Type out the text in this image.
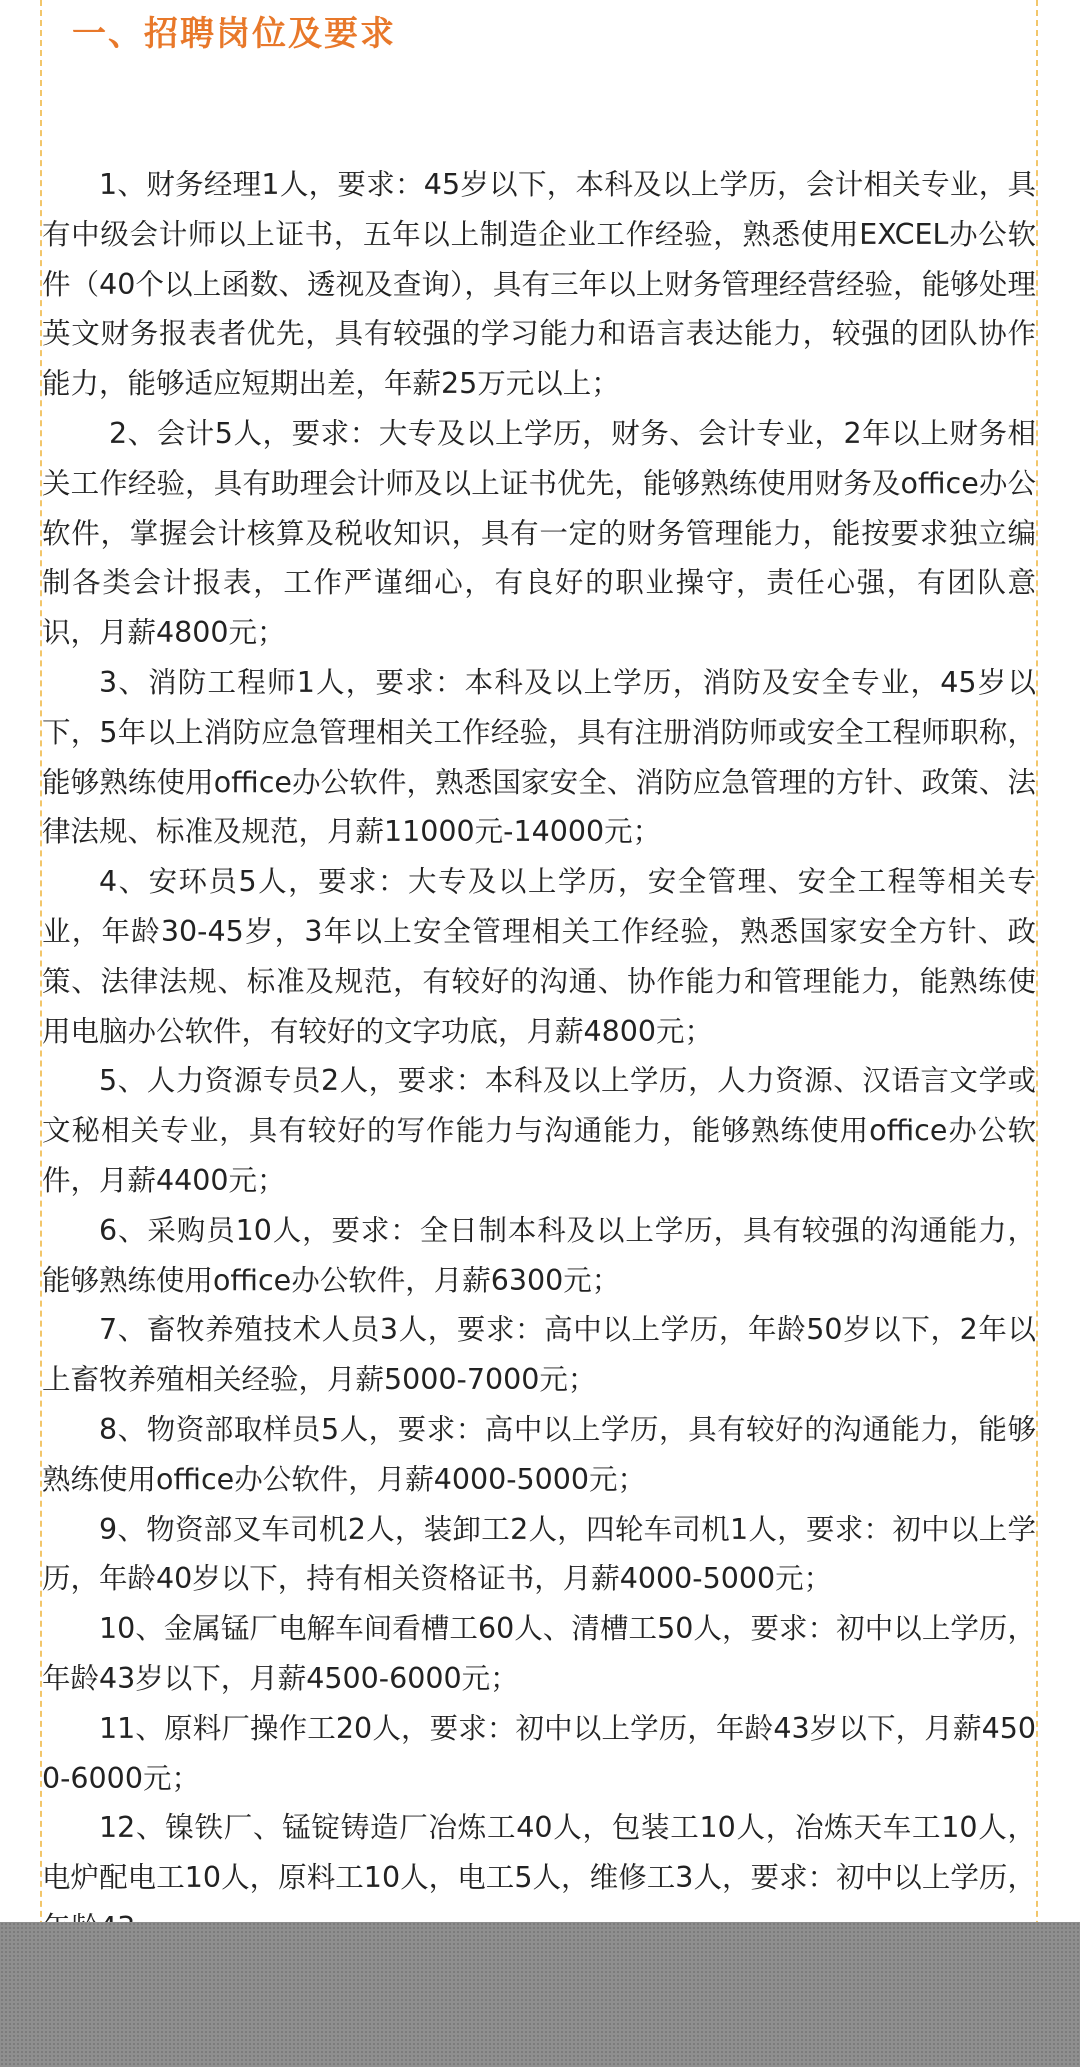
一、招聘岗位及要求

1、财务经理1人，要求：45岁以下，本科及以上学历，会计相关专业，具有中级会计师以上证书，五年以上制造企业工作经验，熟悉使用EXCEL办公软件（40个以上函数、透视及查询），具有三年以上财务管理经营经验，能够处理英文财务报表者优先，具有较强的学习能力和语言表达能力，较强的团队协作能力，能够适应短期出差，年薪25万元以上；

2、会计5人，要求：大专及以上学历，财务、会计专业，2年以上财务相关工作经验，具有助理会计师及以上证书优先，能够熟练使用财务及office办公软件，掌握会计核算及税收知识，具有一定的财务管理能力，能按要求独立编制各类会计报表，工作严谨细心，有良好的职业操守，责任心强，有团队意识，月薪4800元；

3、消防工程师1人，要求：本科及以上学历，消防及安全专业，45岁以下，5年以上消防应急管理相关工作经验，具有注册消防师或安全工程师职称，能够熟练使用office办公软件，熟悉国家安全、消防应急管理的方针、政策、法律法规、标准及规范，月薪11000元-14000元；

4、安环员5人，要求：大专及以上学历，安全管理、安全工程等相关专业，年龄30-45岁，3年以上安全管理相关工作经验，熟悉国家安全方针、政策、法律法规、标准及规范，有较好的沟通、协作能力和管理能力，能熟练使用电脑办公软件，有较好的文字功底，月薪4800元；

5、人力资源专员2人，要求：本科及以上学历，人力资源、汉语言文学或文秘相关专业，具有较好的写作能力与沟通能力，能够熟练使用office办公软件，月薪4400元；

6、采购员10人，要求：全日制本科及以上学历，具有较强的沟通能力，能够熟练使用office办公软件，月薪6300元；

7、畜牧养殖技术人员3人，要求：高中以上学历，年龄50岁以下，2年以上畜牧养殖相关经验，月薪5000-7000元；

8、物资部取样员5人，要求：高中以上学历，具有较好的沟通能力，能够熟练使用office办公软件，月薪4000-5000元；

9、物资部叉车司机2人，装卸工2人，四轮车司机1人，要求：初中以上学历，年龄40岁以下，持有相关资格证书，月薪4000-5000元；

10、金属锰厂电解车间看槽工60人、清槽工50人，要求：初中以上学历，年龄43岁以下，月薪4500-6000元；

11、原料厂操作工20人，要求：初中以上学历，年龄43岁以下，月薪4500-6000元；

12、镍铁厂、锰锭铸造厂冶炼工40人，包装工10人，冶炼天车工10人，电炉配电工10人，原料工10人，电工5人，维修工3人，要求：初中以上学历，
